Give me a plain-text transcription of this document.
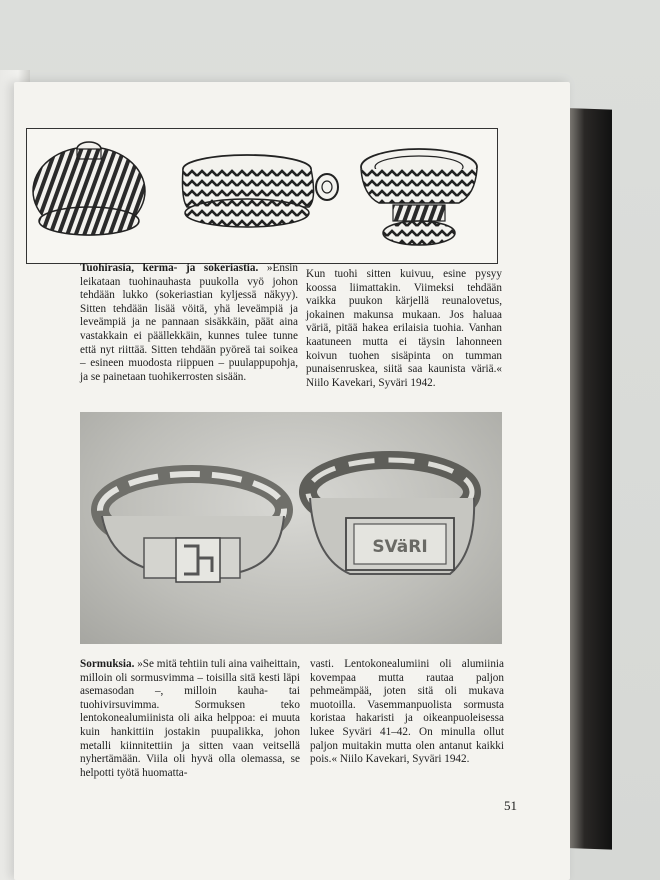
Tuohirasia, kerma- ja sokeriastia. »Ensin leikataan tuohinauhasta puukolla vyö johon tehdään lukko (sokeriastian kyljessä näkyy). Sitten tehdään lisää vöitä, yhä leveämpiä ja leveämpiä ja ne pannaan sisäkkäin, päät aina vastakkain ei päällekkäin, kunnes tulee tunne että nyt riittää. Sitten tehdään pyöreä tai soikea – esineen muodosta riippuen – puulappupohja, ja se painetaan tuohikerrosten sisään.
Kun tuohi sitten kuivuu, esine pysyy koossa liimattakin. Viimeksi tehdään vaikka puukon kärjellä reunalovetus, jokainen makunsa mukaan. Jos haluaa väriä, pitää hakea erilaisia tuohia. Vanhan kaatuneen mutta ei täysin lahonneen koivun tuohen sisäpinta on tumman punaisenruskea, siitä saa kaunista väriä.« Niilo Kavekari, Syväri 1942.
SVäRI
Sormuksia. »Se mitä tehtiin tuli aina vaiheittain, milloin oli sormusvimma – toisilla sitä kesti läpi asemasodan –, milloin kauha- tai tuohivirsuvimma. Sormuksen teko lentokonealumiinista oli aika helppoa: ei muuta kuin hankittiin jostakin puupalikka, johon metalli kiinnitettiin ja sitten vaan veitsellä nyhertämään. Viila oli hyvä olla olemassa, se helpotti työtä huomatta-
vasti. Lentokonealumiini oli alumiinia kovempaa mutta rautaa paljon pehmeämpää, joten sitä oli mukava muotoilla. Vasemmanpuolista sormusta koristaa hakaristi ja oikeanpuoleisessa lukee Syväri 41–42. On minulla ollut paljon muitakin mutta olen antanut kaikki pois.« Niilo Kavekari, Syväri 1942.
51
